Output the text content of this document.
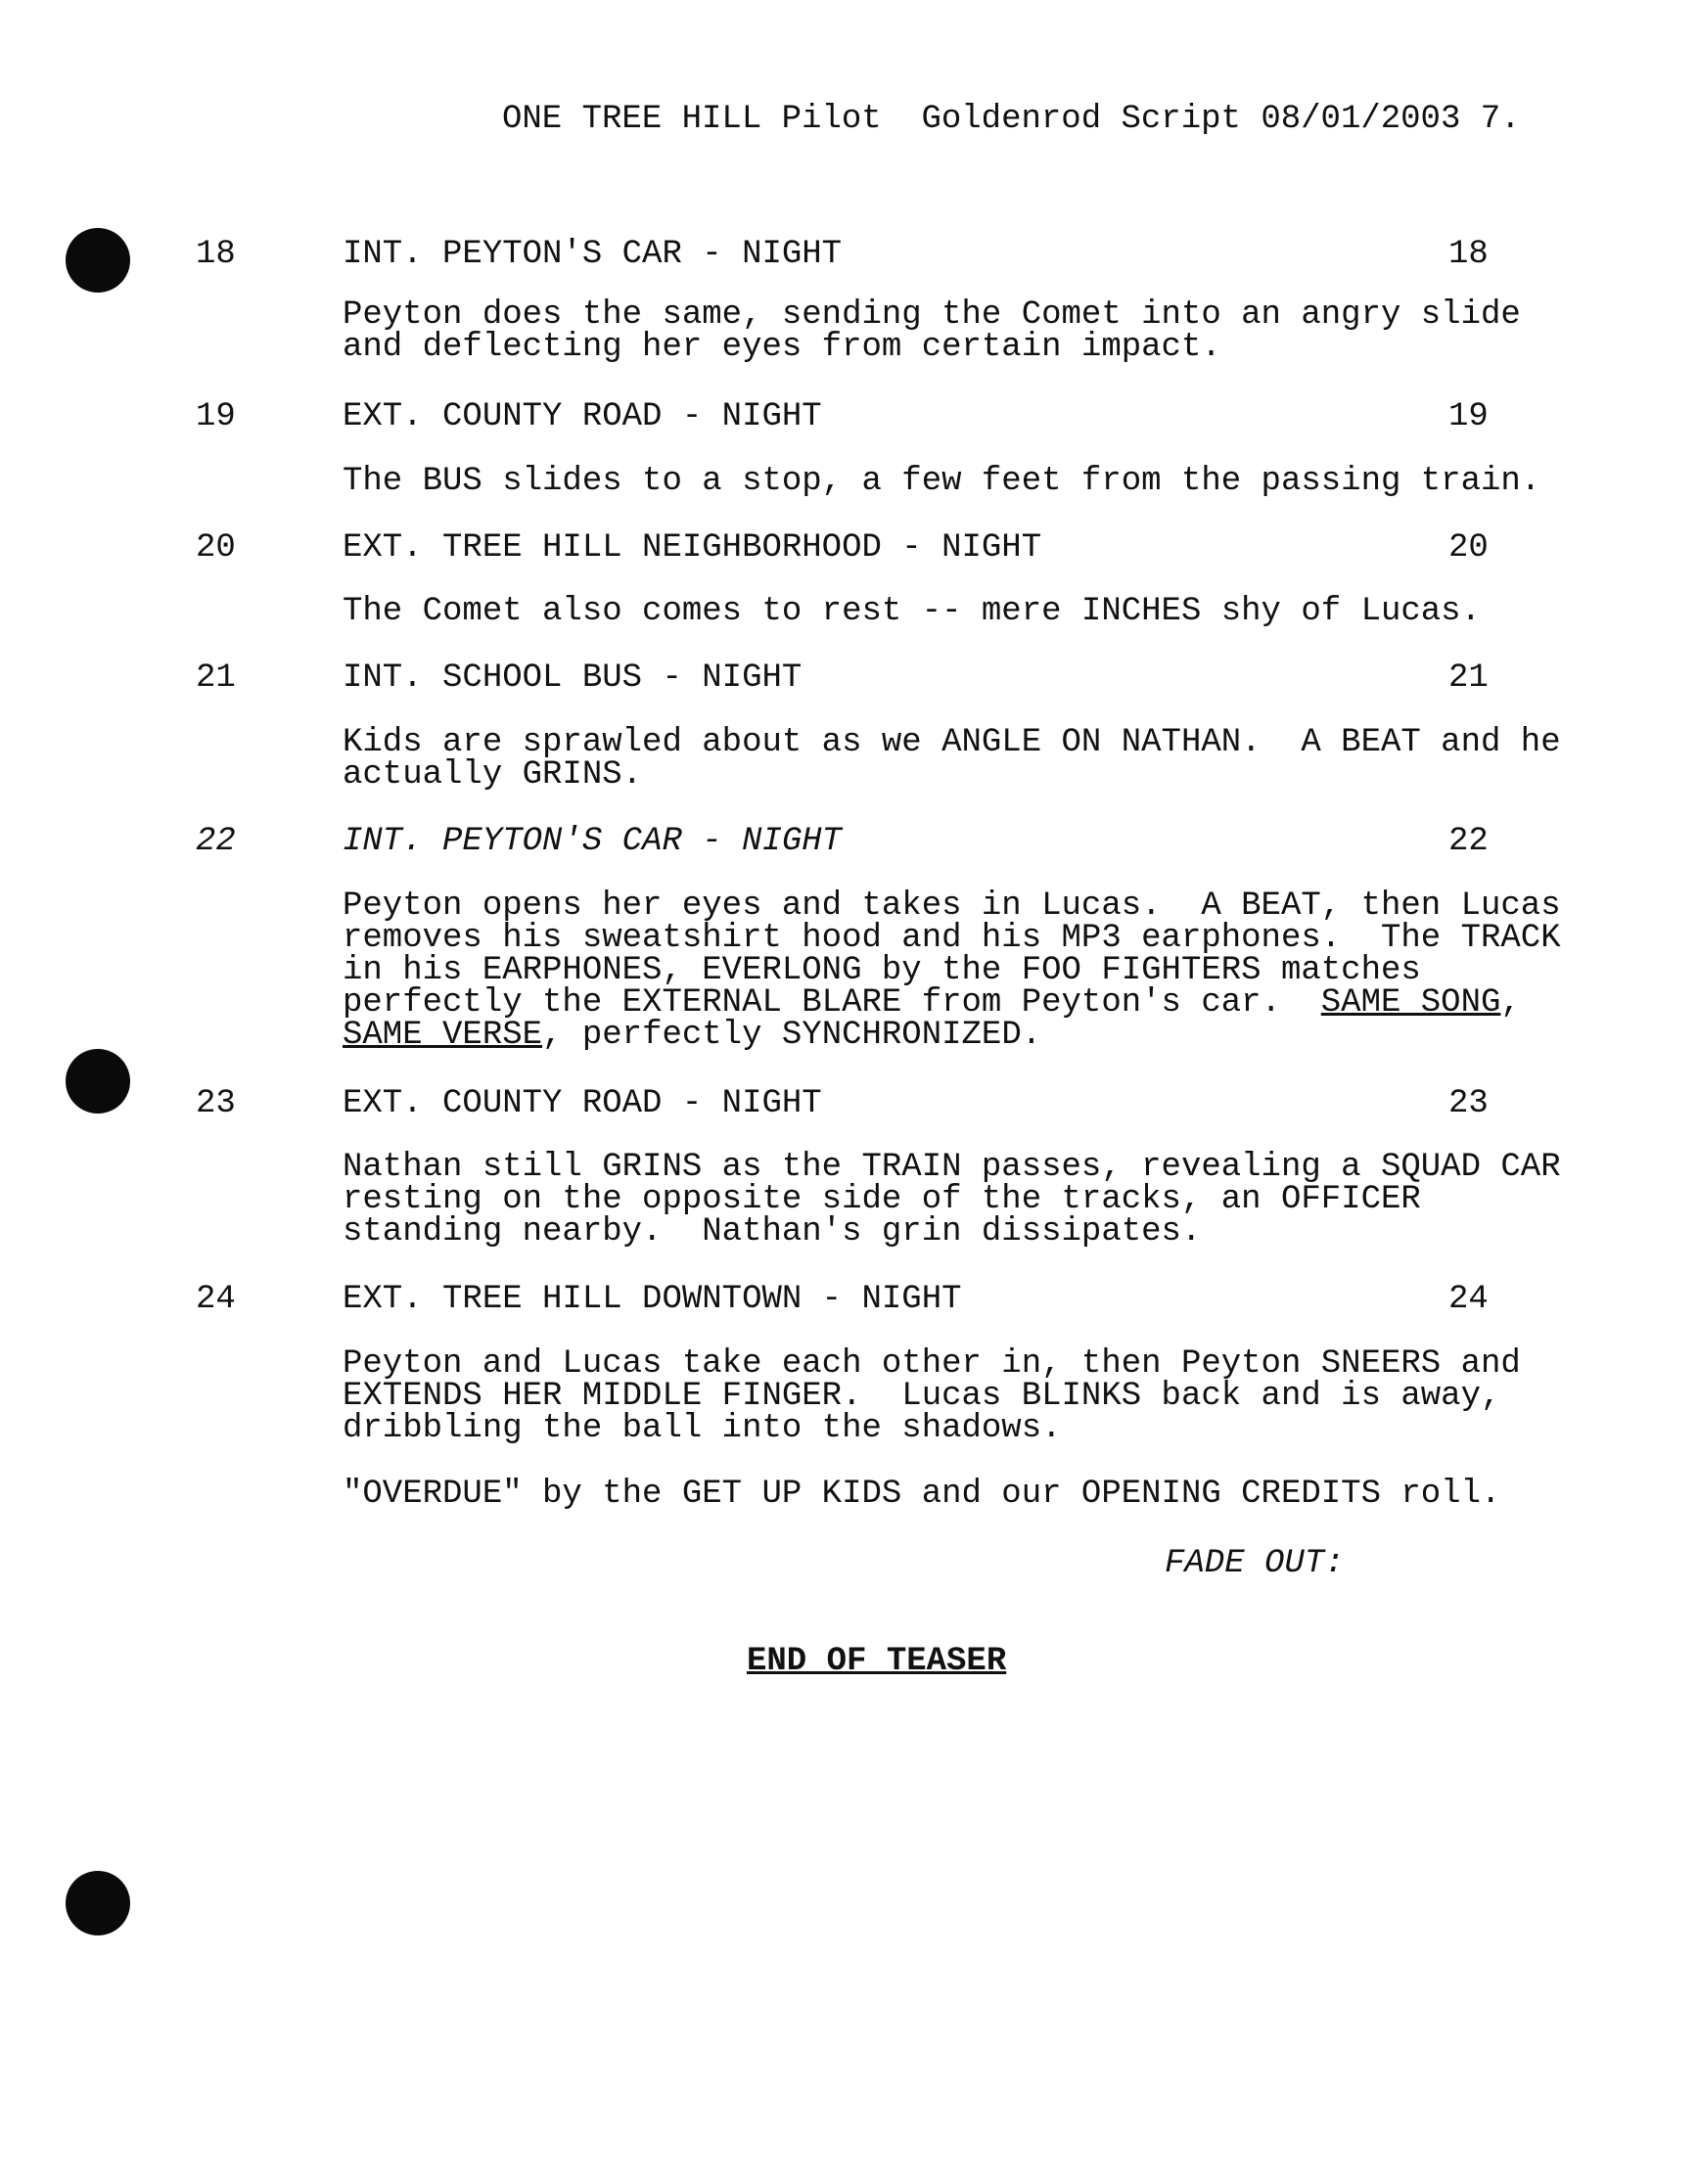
ONE TREE HILL Pilot  Goldenrod Script 08/01/2003 7.
18	INT. PEYTON'S CAR - NIGHT	18
Peyton does the same, sending the Comet into an angry slide
and deflecting her eyes from certain impact.
19	EXT. COUNTY ROAD - NIGHT	19
The BUS slides to a stop, a few feet from the passing train.
20	EXT. TREE HILL NEIGHBORHOOD - NIGHT	20
The Comet also comes to rest -- mere INCHES shy of Lucas.
21	INT. SCHOOL BUS - NIGHT	21
Kids are sprawled about as we ANGLE ON NATHAN.  A BEAT and he
actually GRINS.
22	INT. PEYTON'S CAR - NIGHT	22
Peyton opens her eyes and takes in Lucas.  A BEAT, then Lucas
removes his sweatshirt hood and his MP3 earphones.  The TRACK
in his EARPHONES, EVERLONG by the FOO FIGHTERS matches
perfectly the EXTERNAL BLARE from Peyton's car.  SAME SONG,
SAME VERSE, perfectly SYNCHRONIZED.
23	EXT. COUNTY ROAD - NIGHT	23
Nathan still GRINS as the TRAIN passes, revealing a SQUAD CAR
resting on the opposite side of the tracks, an OFFICER
standing nearby.  Nathan's grin dissipates.
24	EXT. TREE HILL DOWNTOWN - NIGHT	24
Peyton and Lucas take each other in, then Peyton SNEERS and
EXTENDS HER MIDDLE FINGER.  Lucas BLINKS back and is away,
dribbling the ball into the shadows.
"OVERDUE" by the GET UP KIDS and our OPENING CREDITS roll.
FADE OUT:
END OF TEASER
